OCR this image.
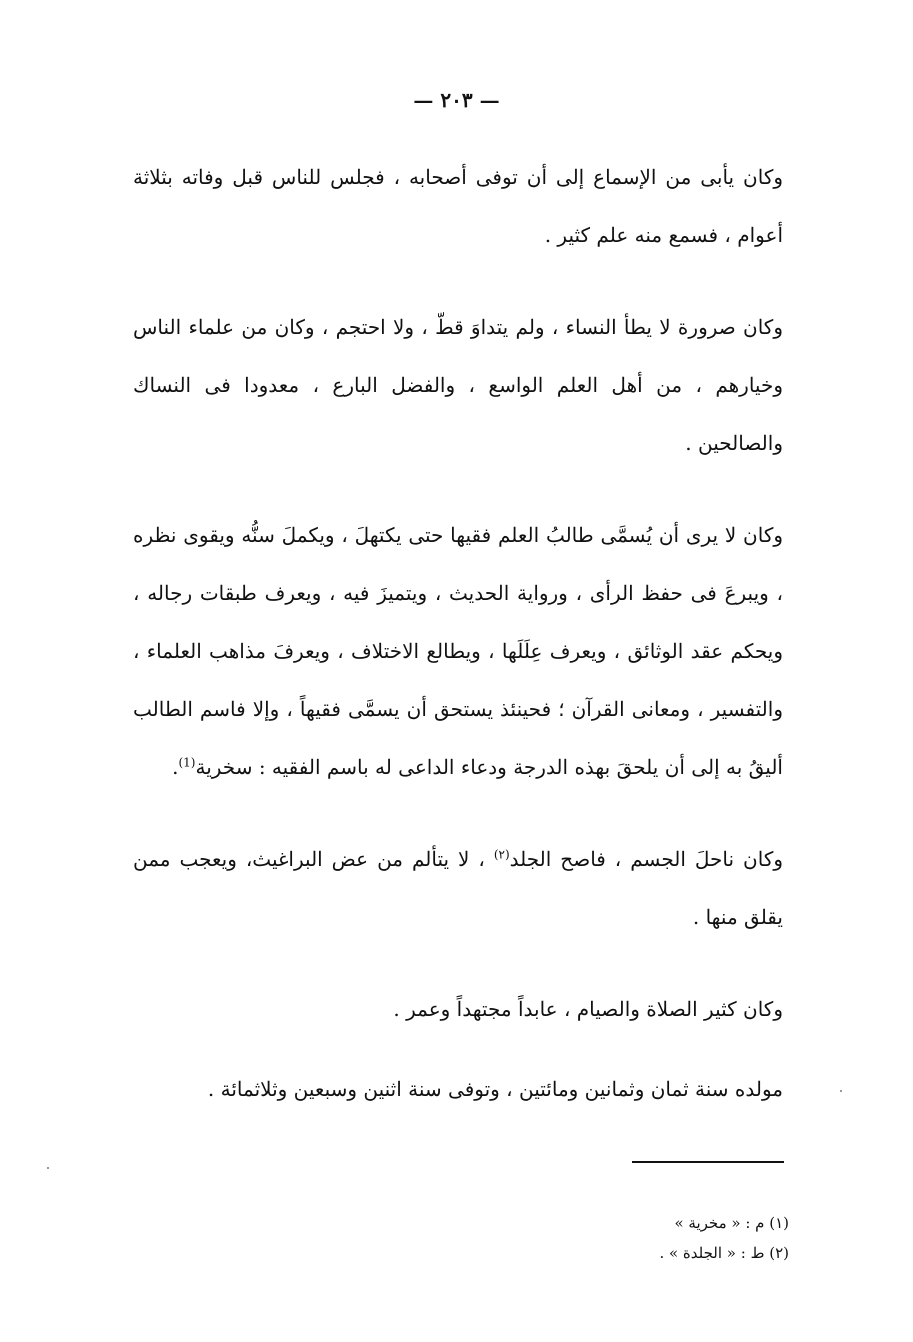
— ٢٠٣ —

وكان يأبى من الإسماع إلى أن توفى أصحابه ، فجلس للناس قبل وفاته بثلاثة أعوام ، فسمع منه علم كثير .

وكان صرورة لا يطأ النساء ، ولم يتداوَ قطّ ، ولا احتجم ، وكان من علماء الناس وخيارهم ، من أهل العلم الواسع ، والفضل البارع ، معدودا فى النساك والصالحين .

وكان لا يرى أن يُسمَّى طالبُ العلم فقيها حتى يكتهلَ ، ويكملَ سنُّه ويقوى نظره ، ويبرعَ فى حفظ الرأى ، ورواية الحديث ، ويتميزَ فيه ، ويعرف طبقات رجاله ، ويحكم عقد الوثائق ، ويعرف عِلَلَها ، ويطالع الاختلاف ، ويعرفَ مذاهب العلماء ، والتفسير ، ومعانى القرآن ؛ فحينئذ يستحق أن يسمَّى فقيهاً ، وإلا فاسم الطالب أليقُ به إلى أن يلحقَ بهذه الدرجة ودعاء الداعى له باسم الفقيه : سخرية$^{(1)}$.

وكان ناحلَ الجسم ، فاصح الجلد$^{(٢)}$ ، لا يتألم من عض البراغيث، ويعجب ممن يقلق منها .

وكان كثير الصلاة والصيام ، عابداً مجتهداً وعمر .

مولده سنة ثمان وثمانين ومائتين ، وتوفى سنة اثنين وسبعين وثلاثمائة .

(١) م : « مخرية »

(٢) ط : « الجلدة » .
